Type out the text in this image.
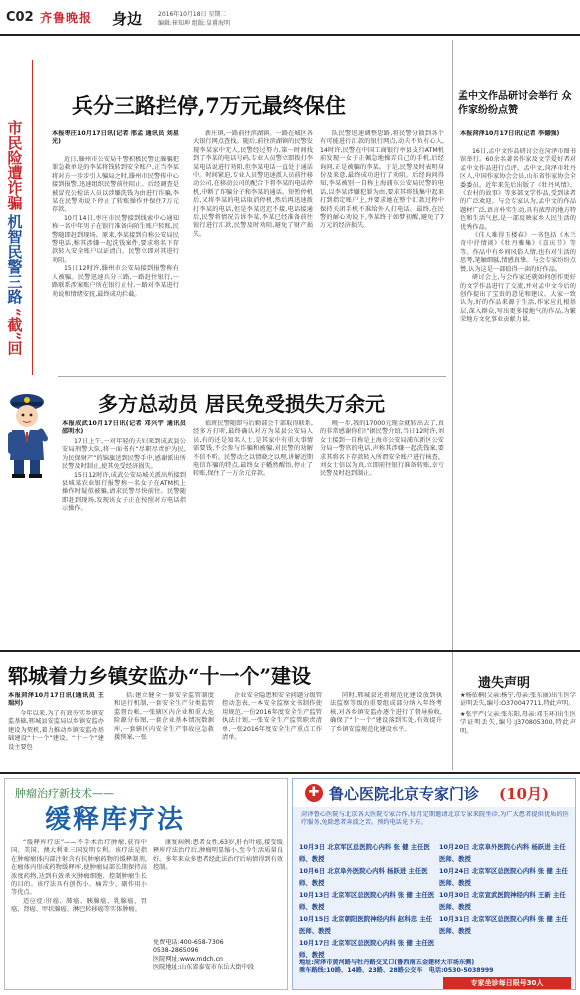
C02 齐鲁晚报 身边	2016年10月18日 星期二
编辑:崔知坤 组版:皇甫海明
市民险遭诈骗
机智民警三路
“截”回
兵分三路拦停,7万元最终保住
本报枣庄10月17日讯(记者 邢孟 通讯员 刘星光)

近日,滕州市公安局千警积极民警让滕骗犯罪急救单是的李某将钱转到安全账户,正当李某将对方一步步引人骗局之时,滕州市民警传中心接到报警,迅速组织民警前往阻止。后经调查是被冒充公检法人员以涉嫌洗钱为由进行诈骗,李某在民警劝说下停止了转账操作并保住7万元存款。

10月14日,枣庄市民警接到线索中心通知称一名中年男子在银行准备向陌生账户转账,民警随即赶到现场。原来,李某接到自称公安局民警电话,称其涉嫌一起洗钱案件,要求将名下存款转入安全账户以证清白。民警立即对其进行劝阻。

15日12时许,滕州市公安局接到报警称有人被骗。民警迅速兵分三路,一路赶往银行,一路联系涉案账户所在银行止付,一路对李某进行劝说和情绪安抚,最终成功拦截。

新庄镇,一路前往滨湖镇。一路在城区各大银行网点查找。随后,前往滨湖镇的民警发现李某家中无人,民警经过努力,第一时间找到了李某的电话号码,专业人员警立即拨打李某电话说进行劝阻,但李某电话一直处于通话中。时间紧迫,专业人员警迅速派人员前往移动公司,在移动公司的配合下将李某的电话停机,中断了诈骗分子和李某的通话。短暂停机后,又将李某的电话取消停机,然后再迅速拨打李某的电话,但是李某迟迟不接,电话接通后,民警将情况告诉李某,李某已经准备前往银行进行汇款,民警及时劝阻,避免了财产损失。

队民警迅速调整思路,将民警分散到各个有可能进行汇款的银行网点,动夫不负有心人,14时许,民警在中国工商银行亭县支行ATM机前发现一女子正佩急地操弄自己的手机,后经询问,正是被骗的李某。于是,民警及时表明身份及来意,最终成功进行了劝阻。后经询问得知,李某被别一自称上海浦东公安局民警的电话,以李某涉嫌犯罪为由,要求其将钱集中起来打到指定账户上,并要求她在整个汇款过程中保持关闭手机不准给外人打电话。最终,在民警的耐心劝说下,李某终于如梦初醒,避免了7万元的经济损失。

孟中文作品研讨会举行 众作家纷纷点赞
本报菏泽10月17日讯(记者 李德强)

16日,孟中文作品研讨会在菏泽市图书馆举行。60余名著名作家及文学爱好者对孟中文作品进行点评。孟中文,菏泽市牡丹区人,中国作家协会会员,山东省作家协会全委委员。近年来先后出版了《牡丹风情》、《农村的故事》等多部文学作品,受到读者的广泛欢迎。与会专家认为,孟中文的作品题材广泛,语言朴实生动,具有浓厚的地方特色和生活气息,是一部反映家乡人民生活的优秀作品。

《佳人难得玉楼春》一书包括《木兰奇中抒情谈》《牡丹雅集》《喜庆节》等等。作品中有乡间风俗人情,也有对生活的思考,笔触细腻,情感真挚。与会专家纷纷点赞,认为这是一部值得一读的好作品。

研讨会上,与会作家还就如何创作更好的文学作品进行了交流,并对孟中文今后的创作提出了宝贵的意见和建议。大家一致认为,好的作品来源于生活,作家应扎根基层,深入群众,写出更多接地气的作品,为繁荣地方文化事业贡献力量。

多方总动员 居民免受损失万余元
本报成武10月17日讯(记者 邓兴宇 通讯员 邵明水)

17日上午,一对年轻的夫妇来到成武县公安局刑警大队,将一面书有“尽职尽责护为民,为民保财产”的锦旗送到民警手中,感谢派出所民警及时制止,使其免受经济损失。

15日12时许,成武公安局城关派出所接到县城某农业银行报警称一名女子在ATM机上操作时疑似被骗,请求民警尽快前往。民警随即赶到现场,发现该女子正在按照对方电话指示操作。

值班民警随即与后勤部会干部取得联系,经多方打听,最终确认对方为某县公安局人员,有的还是知名人士,是其家中有重大事情需要钱,不会参与诈骗和被骗,对民警的劝解不信不听。民警动之以情晓之以理,讲解近期电信诈骗的特点,最终女子幡然醒悟,停止了转账,保住了一万余元存款。

晚一步,我的17000元现金就转出去了,真的非常感谢你们!”据民警介绍,当日12时许,刘女士接到一自称是上海市公安局浦东新区公安分局一警官的电话,声称其涉嫌一起洗钱案,要求其将名下存款转入所谓安全账户进行核查。刘女士信以为真,立即前往银行准备转账,幸亏民警及时赶到制止。

郓城着力乡镇安监办“十一个”建设
本报菏泽10月17日讯(通讯员 王瑞河)

今年以来,为了有效夯实乡镇安监基础,郓城县安监局以乡镇安监办建设为契机,着力推动乡镇安监办基础建设“十一个”建设。“十一个”建设主要包

括:建立健全一套安全监管制度和运行机制,一套安全生产分类监管监督台帐,一张辖区内企业和重大危险源分布图,一套企业基本情况数据库,一套辖区内安全生产事故应急救援预案,一张

企业安全隐患和安全问题分级管控动态表,一本安全监察文书制作使用规范,一份2016年度安全生产监管执法计划,一张安全生产监管职责清单,一张2016年度安全生产重点工作清单。

同时,郓城县还将规范化建设放到执法监察等级的重要组成部分纳入年终考核,对各乡镇安监办逐个进行了督导验收,确保了“十一个”建设落到实处,有效提升了乡镇安监规范化建设水平。

遗失声明

★杨依桐(父亲:杨宁,母亲:张东丽)出生医学证明丢失,编号:O370047711,特此声明。

★张宇严(父亲:张东阳,母亲:邓玉环)出生医学证明丢失,编号:J370805300,特此声明。

肿瘤治疗新技术——
缓释库疗法

“缓释库疗法”——不手术治疗肿瘤,获得中国、美国、澳大利亚三国发明专利。该疗法是指在肿瘤瘤体内部注射含有抗肿瘤药物的缓释制剂,在瘤体内形成药物缓释库,使肿瘤局部长期保持高浓度药物,达到有效杀灭肿瘤细胞、控制肿瘤生长的目的。该疗法具有创伤小、痛苦少、副作用小等优点。

适应症:肝癌、肺癌、胰腺癌、乳腺癌、胃癌、肾癌、甲状腺癌、淋巴转移癌等实体肿瘤。

康复病例:患者女性,63岁,肝右叶癌,接受缓释库疗法治疗后,肿瘤明显缩小,至今生活质量良好。多年来众多患者经此法治疗后病情得到有效控制。

免费电话:400-658-7306
0538-2865096
医院网址:www.mdch.cn
医院地址:山东省泰安市东岳大街中段
✚ 鲁心医院北京专家门诊 (10月)
菏泽鲁心医院与北京各大医院专家合作,每月定期邀请北京专家来院坐诊,为广大患者提供优质的医疗服务,免除患者奔波之苦。预约电话见下方。
10月3日 北京军区总医院心内科 张 健 主任医师、教授
10月6日 北京阜外医院心内科 杨跃进 主任医师、教授
10月13日 北京军区总医院心内科 张 健 主任医师、教授
10月15日 北京朝阳医院神经内科 赵科忠 主任医师、教授
10月17日 北京军区总医院心内科 张 健 主任医师、教授
10月20日 北京阜外医院心内科 杨跃进 主任医师、教授
10月24日 北京军区总医院心内科 张 健 主任医师、教授
10月30日 北京宣武医院神经内科 王新 主任医师、教授
10月31日 北京军区总医院心内科 张 健 主任医师、教授
地址:菏泽市黄河路与牡丹路交叉口(鲁西南五金建材大市场东侧)
乘车路线:10路、14路、23路、28路公交车 电话:0530-5038999
专家坐诊每日限号30人
